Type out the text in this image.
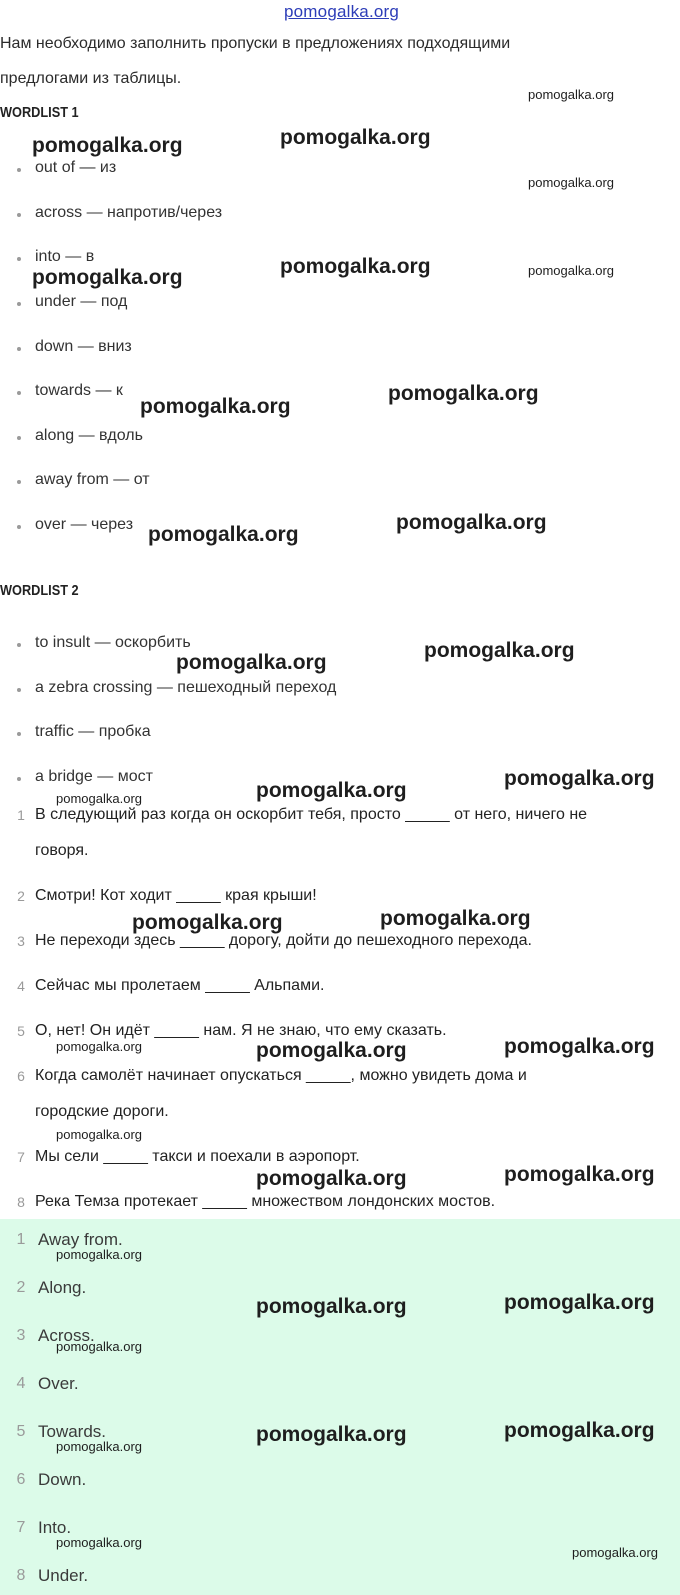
pomogalka.org
Нам необходимо заполнить пропуски в предложениях подходящими
предлогами из таблицы.
WORDLIST 1
out of — из
across — напротив/через
into — в
under — под
down — вниз
towards — к
along — вдоль
away from — от
over — через
WORDLIST 2
to insult — оскорбить
a zebra crossing — пешеходный переход
traffic — пробка
a bridge — мост
1 В следующий раз когда он оскорбит тебя, просто _____ от него, ничего не
говоря.
2 Смотри! Кот ходит _____ края крыши!
3 Не переходи здесь _____ дорогу, дойти до пешеходного перехода.
4 Сейчас мы пролетаем _____ Альпами.
5 О, нет! Он идёт _____ нам. Я не знаю, что ему сказать.
6 Когда самолёт начинает опускаться _____, можно увидеть дома и
городские дороги.
7 Мы сели _____ такси и поехали в аэропорт.
8 Река Темза протекает _____ множеством лондонских мостов.
1 Away from.
2 Along.
3 Across.
4 Over.
5 Towards.
6 Down.
7 Into.
8 Under.
pomogalka.org
pomogalka.org	pomogalka.org
pomogalka.org
pomogalka.org	pomogalka.org	pomogalka.org
pomogalka.org
pomogalka.org
pomogalka.org
pomogalka.org
pomogalka.org
pomogalka.org
pomogalka.org
pomogalka.org
pomogalka.org
pomogalka.org
pomogalka.org
pomogalka.org	pomogalka.org
pomogalka.org
pomogalka.org
pomogalka.org
pomogalka.org
pomogalka.org
pomogalka.org
pomogalka.org
pomogalka.org
pomogalka.org
pomogalka.org
pomogalka.org
pomogalka.org
pomogalka.org
